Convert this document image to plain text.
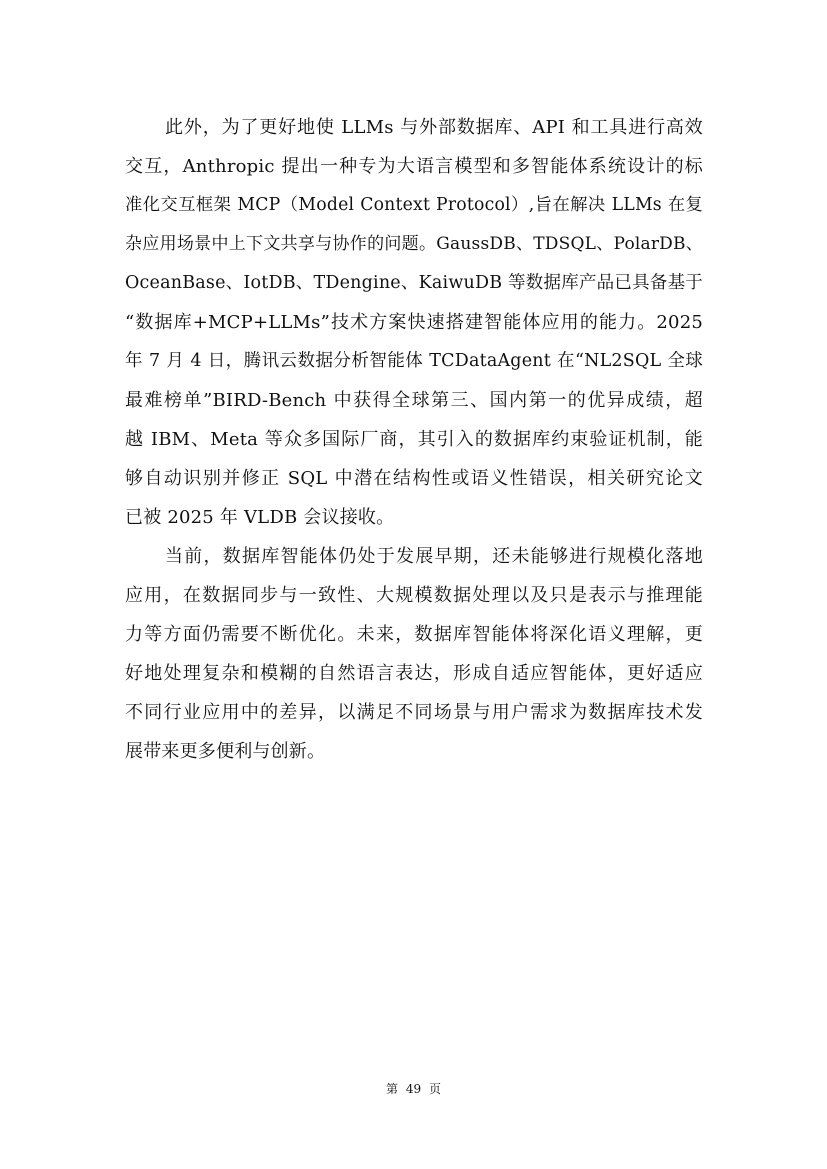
此外，为了更好地使 LLMs 与外部数据库、API 和工具进行高效
交互，Anthropic 提出一种专为大语言模型和多智能体系统设计的标
准化交互框架 MCP（Model Context Protocol）,旨在解决 LLMs 在复
杂应用场景中上下文共享与协作的问题。GaussDB、TDSQL、PolarDB、
OceanBase、IotDB、TDengine、KaiwuDB 等数据库产品已具备基于
“数据库+MCP+LLMs”技术方案快速搭建智能体应用的能力。2025
年 7 月 4 日，腾讯云数据分析智能体 TCDataAgent 在“NL2SQL 全球
最难榜单”BIRD-Bench 中获得全球第三、国内第一的优异成绩，超
越 IBM、Meta 等众多国际厂商，其引入的数据库约束验证机制，能
够自动识别并修正 SQL 中潜在结构性或语义性错误，相关研究论文
已被 2025 年 VLDB 会议接收。
当前，数据库智能体仍处于发展早期，还未能够进行规模化落地
应用，在数据同步与一致性、大规模数据处理以及只是表示与推理能
力等方面仍需要不断优化。未来，数据库智能体将深化语义理解，更
好地处理复杂和模糊的自然语言表达，形成自适应智能体，更好适应
不同行业应用中的差异，以满足不同场景与用户需求为数据库技术发
展带来更多便利与创新。
第 49 页
